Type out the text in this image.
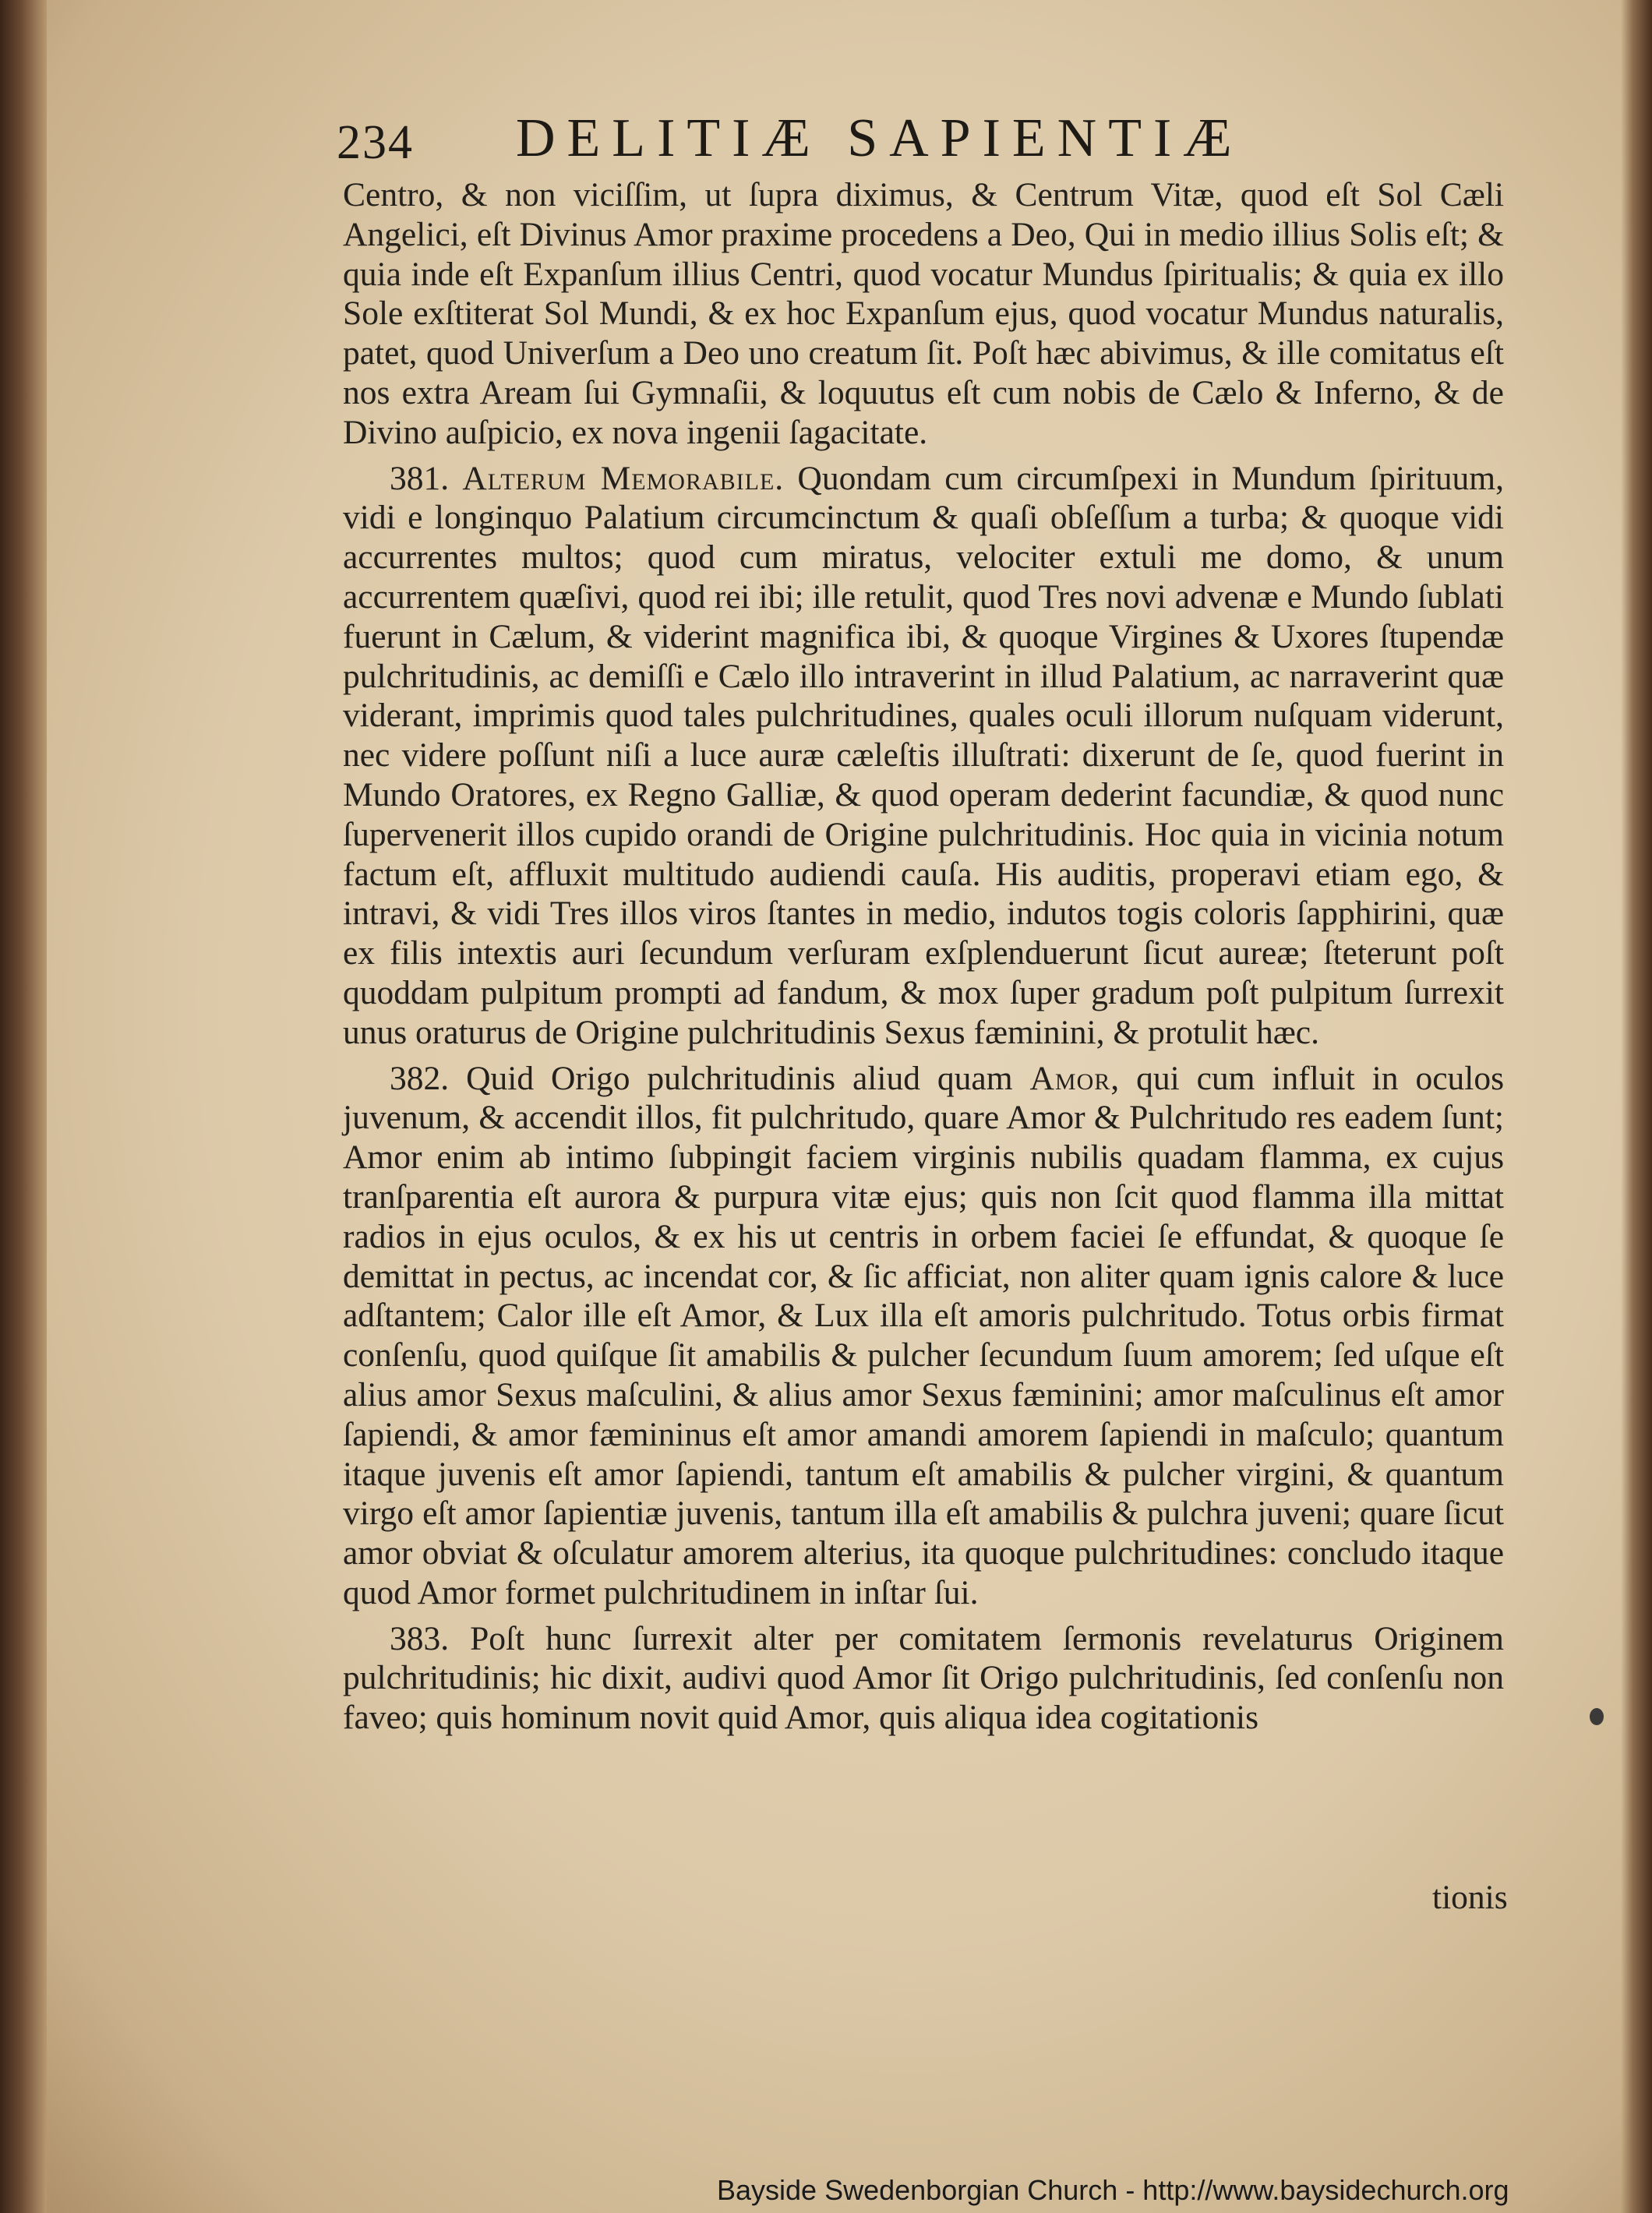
234 DELITIÆ SAPIENTIÆ

Centro, & non viciſſim, ut ſupra diximus, & Centrum Vitæ, quod eſt Sol Cæli Angelici, eſt Divinus Amor praxime procedens a Deo, Qui in medio illius Solis eſt; & quia inde eſt Expanſum illius Centri, quod vocatur Mundus ſpiritualis; & quia ex illo Sole exſtiterat Sol Mundi, & ex hoc Expanſum ejus, quod vocatur Mundus naturalis, patet, quod Univerſum a Deo uno creatum ſit. Poſt hæc abivimus, & ille comitatus eſt nos extra Aream ſui Gymnaſii, & loquutus eſt cum nobis de Cælo & Inferno, & de Divino auſpicio, ex nova ingenii ſagacitate.

381. Alterum Memorabile. Quondam cum circumſpexi in Mundum ſpirituum, vidi e longinquo Palatium circumcinctum & quaſi obſeſſum a turba; & quoque vidi accurrentes multos; quod cum miratus, velociter extuli me domo, & unum accurrentem quæſivi, quod rei ibi; ille retulit, quod Tres novi advenæ e Mundo ſublati fuerunt in Cælum, & viderint magnifica ibi, & quoque Virgines & Uxores ſtupendæ pulchritudinis, ac demiſſi e Cælo illo intraverint in illud Palatium, ac narraverint quæ viderant, imprimis quod tales pulchritudines, quales oculi illorum nuſquam viderunt, nec videre poſſunt niſi a luce auræ cæleſtis illuſtrati: dixerunt de ſe, quod fuerint in Mundo Oratores, ex Regno Galliæ, & quod operam dederint facundiæ, & quod nunc ſupervenerit illos cupido orandi de Origine pulchritudinis. Hoc quia in vicinia notum factum eſt, affluxit multitudo audiendi cauſa. His auditis, properavi etiam ego, & intravi, & vidi Tres illos viros ſtantes in medio, indutos togis coloris ſapphirini, quæ ex filis intextis auri ſecundum verſuram exſplenduerunt ſicut aureæ; ſteterunt poſt quoddam pulpitum prompti ad fandum, & mox ſuper gradum poſt pulpitum ſurrexit unus oraturus de Origine pulchritudinis Sexus fæminini, & protulit hæc.

382. Quid Origo pulchritudinis aliud quam Amor, qui cum influit in oculos juvenum, & accendit illos, fit pulchritudo, quare Amor & Pulchritudo res eadem ſunt; Amor enim ab intimo ſubpingit faciem virginis nubilis quadam flamma, ex cujus tranſparentia eſt aurora & purpura vitæ ejus; quis non ſcit quod flamma illa mittat radios in ejus oculos, & ex his ut centris in orbem faciei ſe effundat, & quoque ſe demittat in pectus, ac incendat cor, & ſic afficiat, non aliter quam ignis calore & luce adſtantem; Calor ille eſt Amor, & Lux illa eſt amoris pulchritudo. Totus orbis firmat conſenſu, quod quiſque ſit amabilis & pulcher ſecundum ſuum amorem; ſed uſque eſt alius amor Sexus maſculini, & alius amor Sexus fæminini; amor maſculinus eſt amor ſapiendi, & amor fæmininus eſt amor amandi amorem ſapiendi in maſculo; quantum itaque juvenis eſt amor ſapiendi, tantum eſt amabilis & pulcher virgini, & quantum virgo eſt amor ſapientiæ juvenis, tantum illa eſt amabilis & pulchra juveni; quare ſicut amor obviat & oſculatur amorem alterius, ita quoque pulchritudines: concludo itaque quod Amor formet pulchritudinem in inſtar ſui.

383. Poſt hunc ſurrexit alter per comitatem ſermonis revelaturus Originem pulchritudinis; hic dixit, audivi quod Amor ſit Origo pulchritudinis, ſed conſenſu non faveo; quis hominum novit quid Amor, quis aliqua idea cogitationis

tionis
Bayside Swedenborgian Church - http://www.baysidechurch.org
